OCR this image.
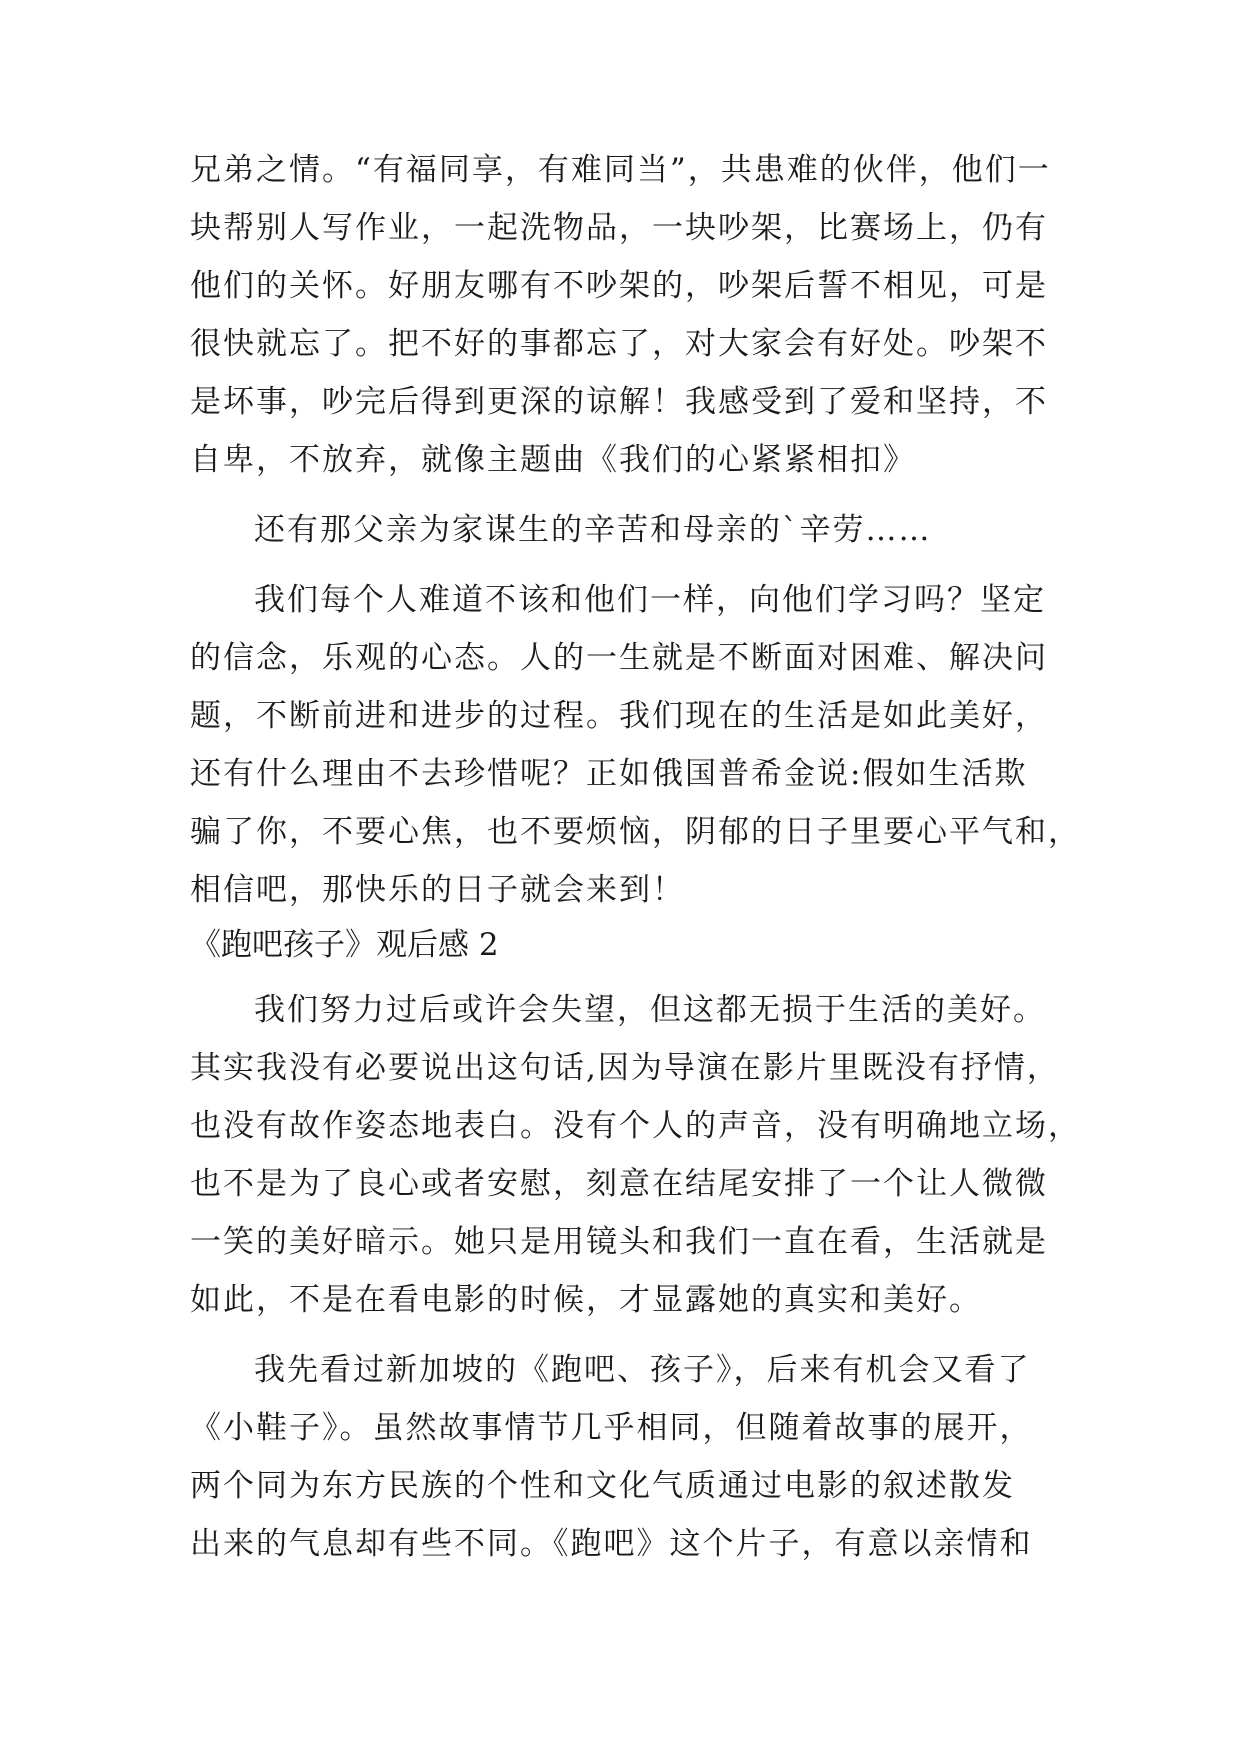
兄弟之情。“有福同享，有难同当”，共患难的伙伴，他们一
块帮别人写作业，一起洗物品，一块吵架，比赛场上，仍有
他们的关怀。好朋友哪有不吵架的，吵架后誓不相见，可是
很快就忘了。把不好的事都忘了，对大家会有好处。吵架不
是坏事，吵完后得到更深的谅解！我感受到了爱和坚持，不
自卑，不放弃，就像主题曲《我们的心紧紧相扣》
还有那父亲为家谋生的辛苦和母亲的`辛劳……
我们每个人难道不该和他们一样，向他们学习吗？坚定
的信念，乐观的心态。人的一生就是不断面对困难、解决问
题，不断前进和进步的过程。我们现在的生活是如此美好，
还有什么理由不去珍惜呢？正如俄国普希金说:假如生活欺
骗了你，不要心焦，也不要烦恼，阴郁的日子里要心平气和，
相信吧，那快乐的日子就会来到！
《跑吧孩子》观后感 2
我们努力过后或许会失望，但这都无损于生活的美好。
其实我没有必要说出这句话,因为导演在影片里既没有抒情，
也没有故作姿态地表白。没有个人的声音，没有明确地立场，
也不是为了良心或者安慰，刻意在结尾安排了一个让人微微
一笑的美好暗示。她只是用镜头和我们一直在看，生活就是
如此，不是在看电影的时候，才显露她的真实和美好。
我先看过新加坡的《跑吧、孩子》，后来有机会又看了
《小鞋子》。虽然故事情节几乎相同，但随着故事的展开，
两个同为东方民族的个性和文化气质通过电影的叙述散发
出来的气息却有些不同。《跑吧》这个片子，有意以亲情和
